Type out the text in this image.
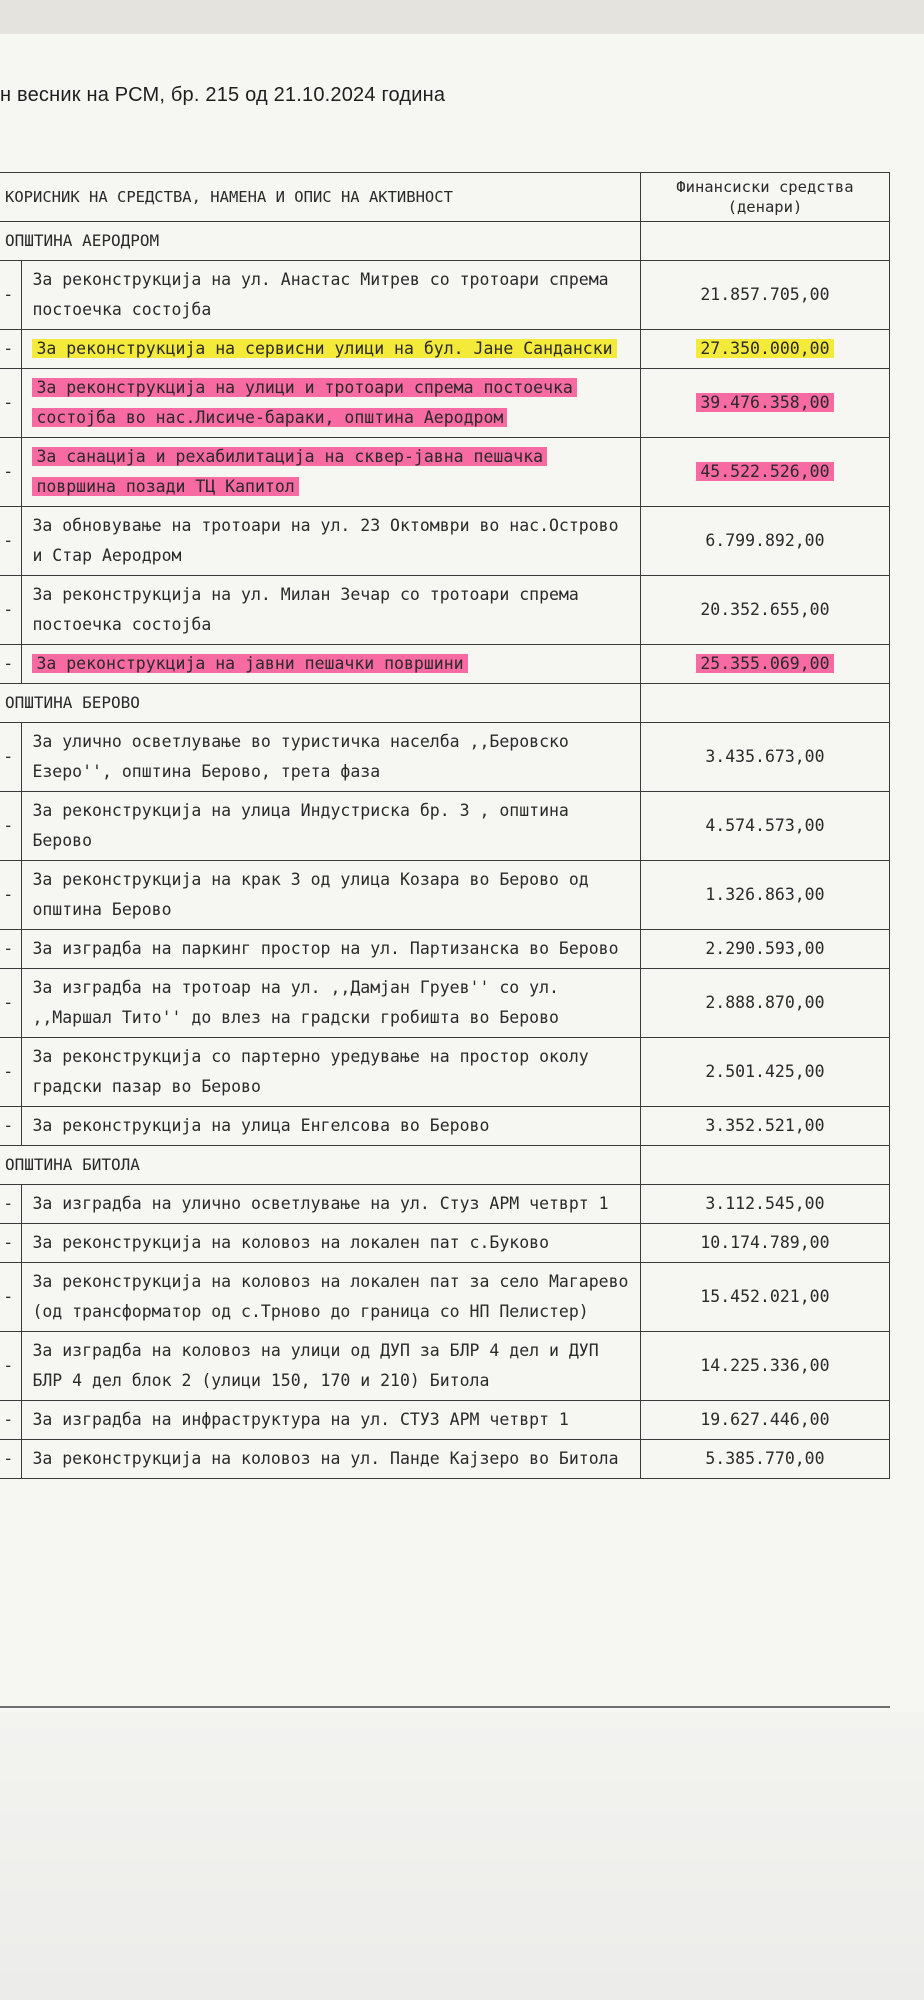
н весник на РСМ, бр. 215 од 21.10.2024 година
КОРИСНИК НА СРЕДСТВА, НАМЕНА И ОПИС НА АКТИВНОСТ		Финансиски средства (денари)
ОПШТИНА АЕРОДРОМ		
-	За реконструкција на ул. Анастас Митрев со тротоари спрема постоечка состојба	21.857.705,00
-	За реконструкција на сервисни улици на бул. Јане Сандански	27.350.000,00
-	За реконструкција на улици и тротоари спрема постоечка состојба во нас.Лисиче-бараки, општина Аеродром	39.476.358,00
-	За санација и рехабилитација на сквер-јавна пешачка површина позади ТЦ Капитол	45.522.526,00
-	За обновување на тротоари на ул. 23 Октомври во нас.Острово и Стар Аеродром	6.799.892,00
-	За реконструкција на ул. Милан Зечар со тротоари спрема постоечка состојба	20.352.655,00
-	За реконструкција на јавни пешачки површини	25.355.069,00
ОПШТИНА БЕРОВО		
-	За улично осветлување во туристичка населба ,,Беровско Езеро'', општина Берово, трета фаза	3.435.673,00
-	За реконструкција на улица Индустриска бр. 3 , општина Берово	4.574.573,00
-	За реконструкција на крак 3 од улица Козара во Берово од општина Берово	1.326.863,00
-	За изградба на паркинг простор на ул. Партизанска во Берово	2.290.593,00
-	За изградба на тротоар на ул. ,,Дамјан Груев'' со ул. ,,Маршал Тито'' до влез на градски гробишта во Берово	2.888.870,00
-	За реконструкција со партерно уредување на простор околу градски пазар во Берово	2.501.425,00
-	За реконструкција на улица Енгелсова во Берово	3.352.521,00
ОПШТИНА БИТОЛА		
-	За изградба на улично осветлување на ул. Стуз АРМ четврт 1	3.112.545,00
-	За реконструкција на коловоз на локален пат с.Буково	10.174.789,00
-	За реконструкција на коловоз на локален пат за село Магарево (од трансформатор од с.Трново до граница со НП Пелистер)	15.452.021,00
-	За изградба на коловоз на улици од ДУП за БЛР 4 дел и ДУП БЛР 4 дел блок 2 (улици 150, 170 и 210) Битола	14.225.336,00
-	За изградба на инфраструктура на ул. СТУЗ АРМ четврт 1	19.627.446,00
-	За реконструкција на коловоз на ул. Панде Кајзеро во Битола	5.385.770,00
